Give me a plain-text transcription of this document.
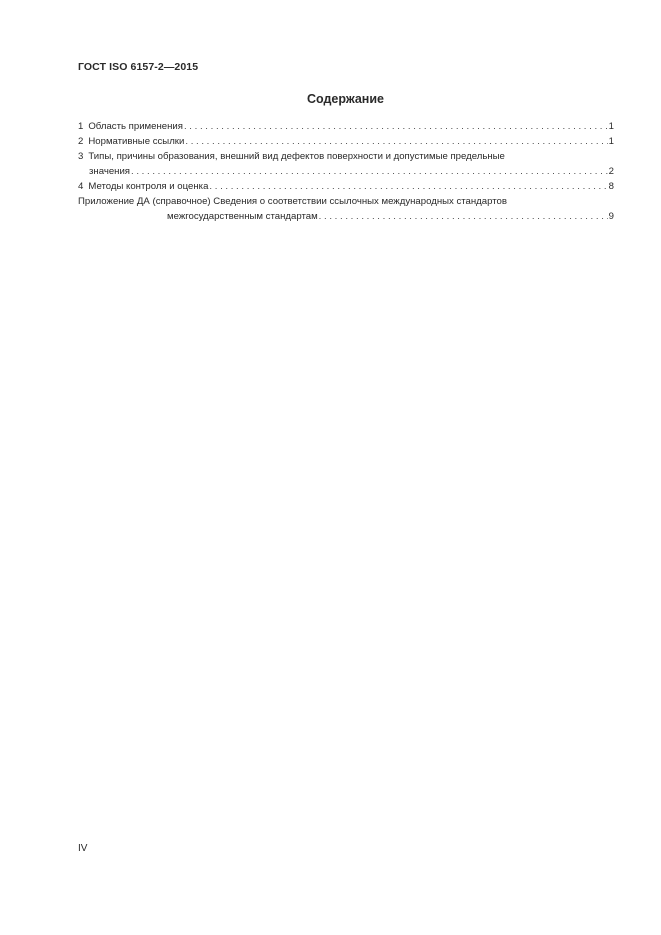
ГОСТ ISO 6157-2—2015
Содержание
1 Область применения . . .	1
2 Нормативные ссылки . . .	1
3 Типы, причины образования, внешний вид дефектов поверхности и допустимые предельные
значения . . .	2
4 Методы контроля и оценка . . .	8
Приложение ДА (справочное) Сведения о соответствии ссылочных международных стандартов
межгосударственным стандартам . . .	9
IV
